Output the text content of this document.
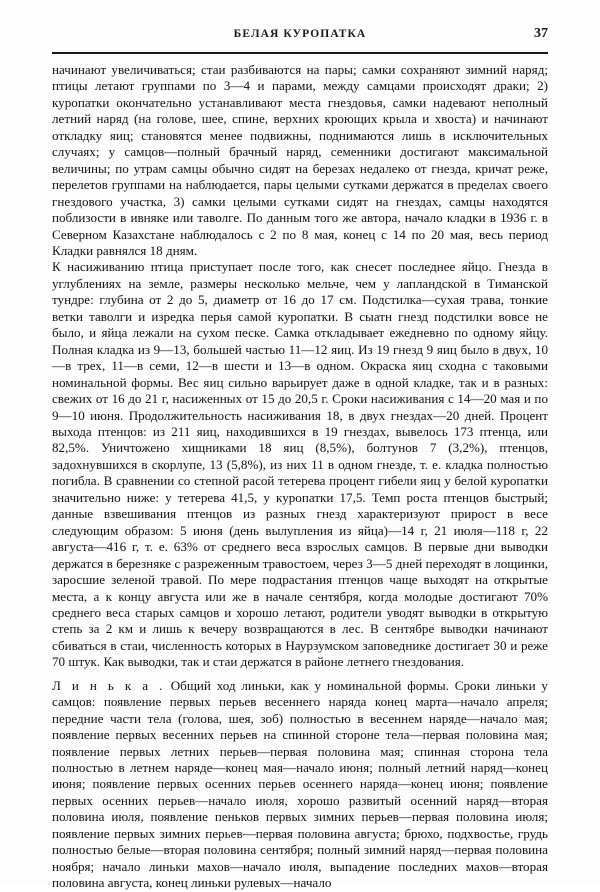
БЕЛАЯ КУРОПАТКА	37

начинают увеличиваться; стаи разбиваются на пары; самки сохраняют зимний наряд; птицы летают группами по 3—4 и парами, между самцами происходят драки; 2) куропатки окончательно устанавливают места гнездовья, самки надевают неполный летний наряд (на голове, шее, спине, верхних кроющих крыла и хвоста) и начинают откладку яиц; становятся менее подвижны, поднимаются лишь в исключительных случаях; у самцов—полный брачный наряд, семенники достигают максимальной величины; по утрам самцы обычно сидят на березах недалеко от гнезда, кричат реже, перелетов группами на наблюдается, пары целыми сутками держатся в пределах своего гнездового участка, 3) самки целыми сутками сидят на гнездах, самцы находятся поблизости в ивняке или таволге. По данным того же автора, начало кладки в 1936 г. в Северном Казахстане наблюдалось с 2 по 8 мая, конец с 14 по 20 мая, весь период Кладки равнялся 18 дням.

К насиживанию птица приступает после того, как снесет последнее яйцо. Гнезда в углублениях на земле, размеры несколько мельче, чем у лапландской в Тиманской тундре: глубина от 2 до 5, диаметр от 16 до 17 см. Подстилка—сухая трава, тонкие ветки таволги и изредка перья самой куропатки. В сыатн гнезд подстилки вовсе не было, и яйца лежали на сухом песке. Самка откладывает ежедневно по одному яйцу. Полная кладка из 9—13, большей частью 11—12 яиц. Из 19 гнезд 9 яиц было в двух, 10—в трех, 11—в семи, 12—в шести и 13—в одном. Окраска яиц сходна с таковыми номинальной формы. Вес яиц сильно варьирует даже в одной кладке, так и в разных: свежих от 16 до 21 г, насиженных от 15 до 20,5 г. Сроки насиживания с 14—20 мая и по 9—10 июня. Продолжительность насиживания 18, в двух гнездах—20 дней. Процент выхода птенцов: из 211 яиц, находившихся в 19 гнездах, вывелось 173 птенца, или 82,5%. Уничтожено хищниками 18 яиц (8,5%), болтунов 7 (3,2%), птенцов, задохнувшихся в скорлупе, 13 (5,8%), из них 11 в одном гнезде, т. е. кладка полностью погибла. В сравнении со степной расой тетерева процент гибели яиц у белой куропатки значительно ниже: у тетерева 41,5, у куропатки 17,5. Темп роста птенцов быстрый; данные взвешивания птенцов из разных гнезд характеризуют прирост в весе следующим образом: 5 июня (день вылупления из яйца)—14 г, 21 июля—118 г, 22 августа—416 г, т. е. 63% от среднего веса взрослых самцов. В первые дни выводки держатся в березняке с разреженным травостоем, через 3—5 дней переходят в лощинки, заросшие зеленой травой. По мере подрастания птенцов чаще выходят на открытые места, а к концу августа или же в начале сентября, когда молодые достигают 70% среднего веса старых самцов и хорошо летают, родители уводят выводки в открытую степь за 2 км и лишь к вечеру возвращаются в лес. В сентябре выводки начинают сбиваться в стаи, численность которых в Наурзумском заповеднике достигает 30 и реже 70 штук. Как выводки, так и стаи держатся в районе летнего гнездования.

Л и н ь к а . Общий ход линьки, как у номинальной формы. Сроки линьки у самцов: появление первых перьев весеннего наряда конец марта—начало апреля; передние части тела (голова, шея, зоб) полностью в весеннем наряде—начало мая; появление первых весенних перьев на спинной стороне тела—первая половина мая; появление первых летних перьев—первая половина мая; спинная сторона тела полностью в летнем наряде—конец мая—начало июня; полный летний наряд—конец июня; появление первых осенних перьев осеннего наряда—конец июня; появление первых осенних перьев—начало июля, хорошо развитый осенний наряд—вторая половина июля, появление пеньков первых зимних перьев—первая половина июля; появление первых зимних перьев—первая половина августа; брюхо, подхвостье, грудь полностью белые—вторая половина сентября; полный зимний наряд—первая половина ноября; начало линьки махов—начало июля, выпадение последних махов—вторая половина августа, конец линьки рулевых—начало
